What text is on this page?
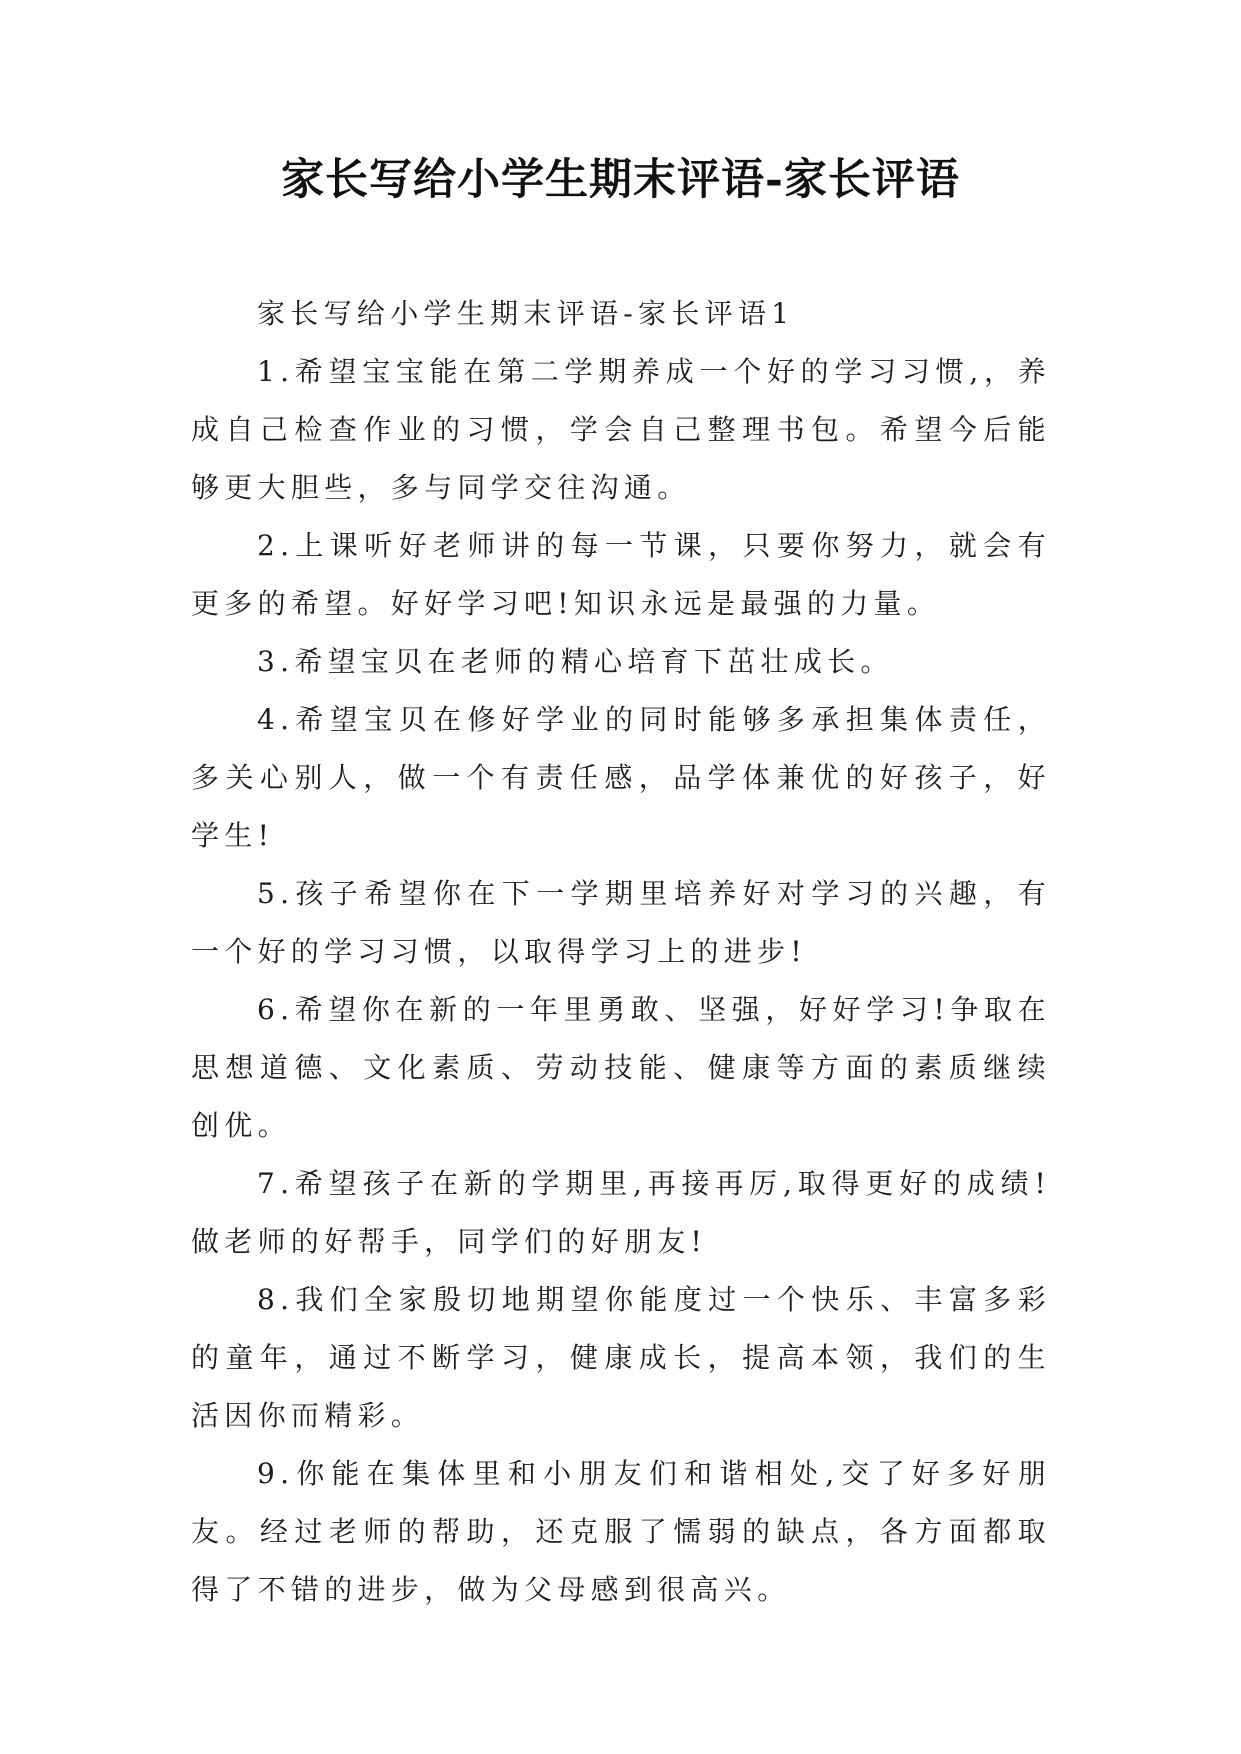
家长写给小学生期末评语-家长评语

家长写给小学生期末评语-家长评语1

1.希望宝宝能在第二学期养成一个好的学习习惯,，养成自己检查作业的习惯，学会自己整理书包。希望今后能够更大胆些，多与同学交往沟通。

2.上课听好老师讲的每一节课，只要你努力，就会有更多的希望。好好学习吧!知识永远是最强的力量。

3.希望宝贝在老师的精心培育下茁壮成长。

4.希望宝贝在修好学业的同时能够多承担集体责任，多关心别人，做一个有责任感，品学体兼优的好孩子，好学生!

5.孩子希望你在下一学期里培养好对学习的兴趣，有一个好的学习习惯，以取得学习上的进步!

6.希望你在新的一年里勇敢、坚强，好好学习!争取在思想道德、文化素质、劳动技能、健康等方面的素质继续创优。

7.希望孩子在新的学期里,再接再厉,取得更好的成绩!做老师的好帮手，同学们的好朋友!

8.我们全家殷切地期望你能度过一个快乐、丰富多彩的童年，通过不断学习，健康成长，提高本领，我们的生活因你而精彩。

9.你能在集体里和小朋友们和谐相处,交了好多好朋友。经过老师的帮助，还克服了懦弱的缺点，各方面都取得了不错的进步，做为父母感到很高兴。
